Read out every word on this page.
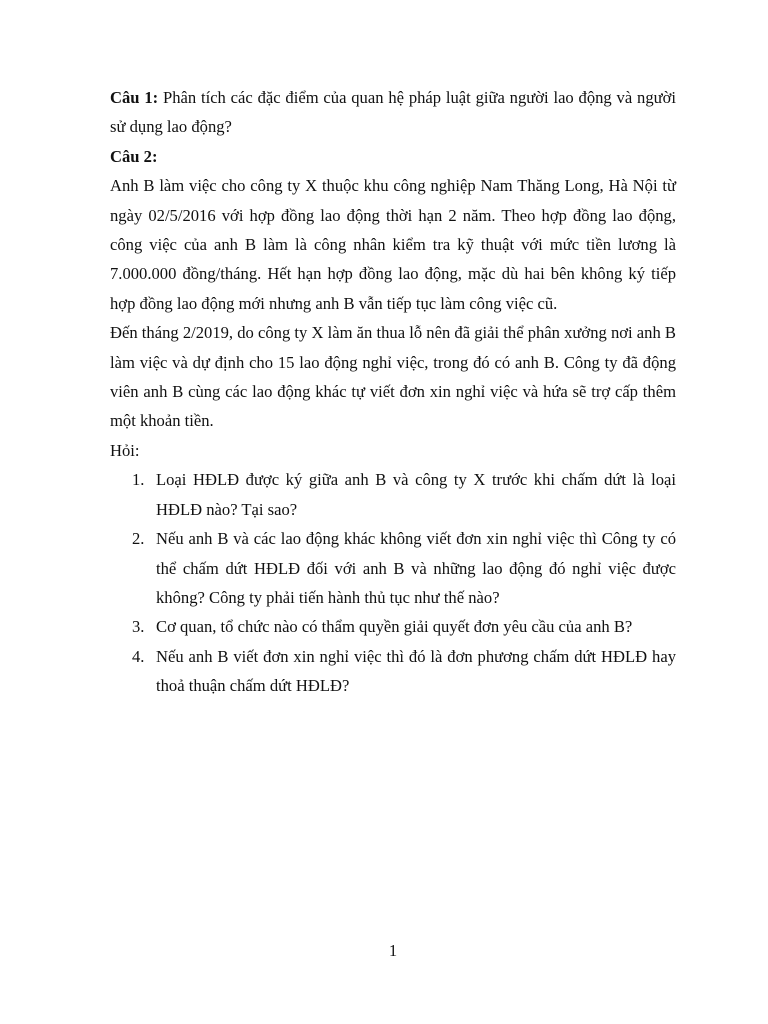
Câu 1: Phân tích các đặc điểm của quan hệ pháp luật giữa người lao động và người sử dụng lao động?

Câu 2:

Anh B làm việc cho công ty X thuộc khu công nghiệp Nam Thăng Long, Hà Nội từ ngày 02/5/2016 với hợp đồng lao động thời hạn 2 năm. Theo hợp đồng lao động, công việc của anh B làm là công nhân kiểm tra kỹ thuật với mức tiền lương là 7.000.000 đồng/tháng. Hết hạn hợp đồng lao động, mặc dù hai bên không ký tiếp hợp đồng lao động mới nhưng anh B vẫn tiếp tục làm công việc cũ.

Đến tháng 2/2019, do công ty X làm ăn thua lỗ nên đã giải thể phân xưởng nơi anh B làm việc và dự định cho 15 lao động nghỉ việc, trong đó có anh B. Công ty đã động viên anh B cùng các lao động khác tự viết đơn xin nghỉ việc và hứa sẽ trợ cấp thêm một khoản tiền.

Hỏi:

1. Loại HĐLĐ được ký giữa anh B và công ty X trước khi chấm dứt là loại HĐLĐ nào? Tại sao?
2. Nếu anh B và các lao động khác không viết đơn xin nghỉ việc thì Công ty có thể chấm dứt HĐLĐ đối với anh B và những lao động đó nghỉ việc được không? Công ty phải tiến hành thủ tục như thế nào?
3. Cơ quan, tổ chức nào có thẩm quyền giải quyết đơn yêu cầu của anh B?
4. Nếu anh B viết đơn xin nghỉ việc thì đó là đơn phương chấm dứt HĐLĐ hay thoả thuận chấm dứt HĐLĐ?
1
